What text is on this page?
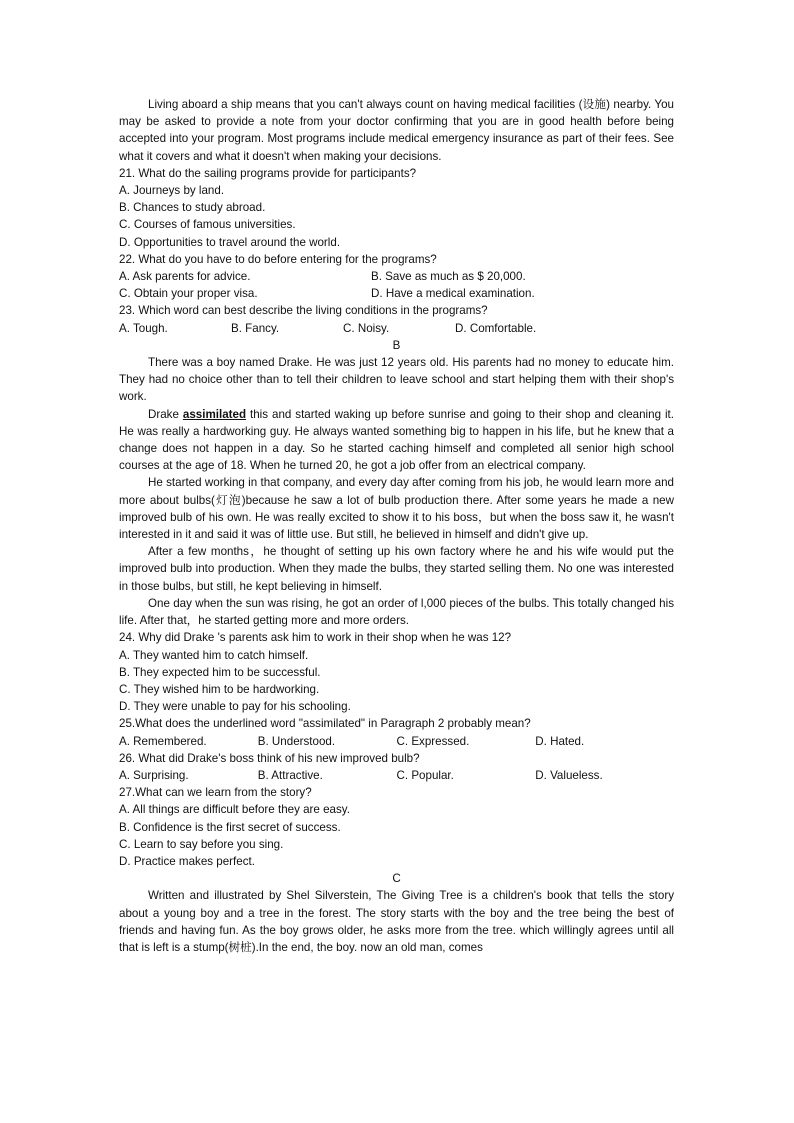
Living aboard a ship means that you can't always count on having medical facilities (设施) nearby. You may be asked to provide a note from your doctor confirming that you are in good health before being accepted into your program. Most programs include medical emergency insurance as part of their fees. See what it covers and what it doesn't when making your decisions.

21. What do the sailing programs provide for participants?

A. Journeys by land.

B. Chances to study abroad.

C. Courses of famous universities.

D. Opportunities to travel around the world.

22. What do you have to do before entering for the programs?

A. Ask parents for advice.	B. Save as much as $ 20,000.
C. Obtain your proper visa.	D. Have a medical examination.

23. Which word can best describe the living conditions in the programs?

A. Tough.	B. Fancy.	C. Noisy.	D. Comfortable.

B

There was a boy named Drake. He was just 12 years old. His parents had no money to educate him. They had no choice other than to tell their children to leave school and start helping them with their shop's work.

Drake assimilated this and started waking up before sunrise and going to their shop and cleaning it. He was really a hardworking guy. He always wanted something big to happen in his life, but he knew that a change does not happen in a day. So he started caching himself and completed all senior high school courses at the age of 18. When he turned 20, he got a job offer from an electrical company.

He started working in that company, and every day after coming from his job, he would learn more and more about bulbs(灯泡)because he saw a lot of bulb production there. After some years he made a new improved bulb of his own. He was really excited to show it to his boss，but when the boss saw it, he wasn't interested in it and said it was of little use. But still, he believed in himself and didn't give up.

After a few months，he thought of setting up his own factory where he and his wife would put the improved bulb into production. When they made the bulbs, they started selling them. No one was interested in those bulbs, but still, he kept believing in himself.

One day when the sun was rising, he got an order of l,000 pieces of the bulbs. This totally changed his life. After that，he started getting more and more orders.

24. Why did Drake 's parents ask him to work in their shop when he was 12?

A. They wanted him to catch himself.

B. They expected him to be successful.

C. They wished him to be hardworking.

D. They were unable to pay for his schooling.

25.What does the underlined word "assimilated" in Paragraph 2 probably mean?

A. Remembered.	B. Understood.	C. Expressed.	D. Hated.

26. What did Drake's boss think of his new improved bulb?

A. Surprising.	B. Attractive.	C. Popular.	D. Valueless.

27.What can we learn from the story?

A. All things are difficult before they are easy.

B. Confidence is the first secret of success.

C. Learn to say before you sing.

D. Practice makes perfect.

C

Written and illustrated by Shel Silverstein, The Giving Tree is a children's book that tells the story about a young boy and a tree in the forest. The story starts with the boy and the tree being the best of friends and having fun. As the boy grows older, he asks more from the tree. which willingly agrees until all that is left is a stump(树桩).In the end, the boy. now an old man, comes
